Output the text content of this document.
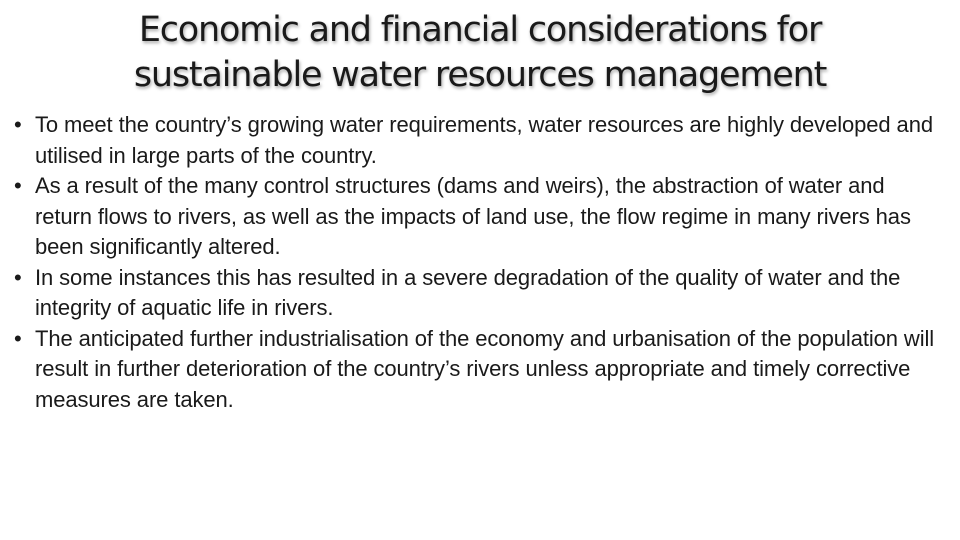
Economic and financial considerations for
sustainable water resources management
• To meet the country’s growing water requirements, water resources are highly developed and utilised in large parts of the country.
• As a result of the many control structures (dams and weirs), the abstraction of water and return flows to rivers, as well as the impacts of land use, the flow regime in many rivers has been significantly altered.
• In some instances this has resulted in a severe degradation of the quality of water and the integrity of aquatic life in rivers.
• The anticipated further industrialisation of the economy and urbanisation of the population will result in further deterioration of the country’s rivers unless appropriate and timely corrective measures are taken.
